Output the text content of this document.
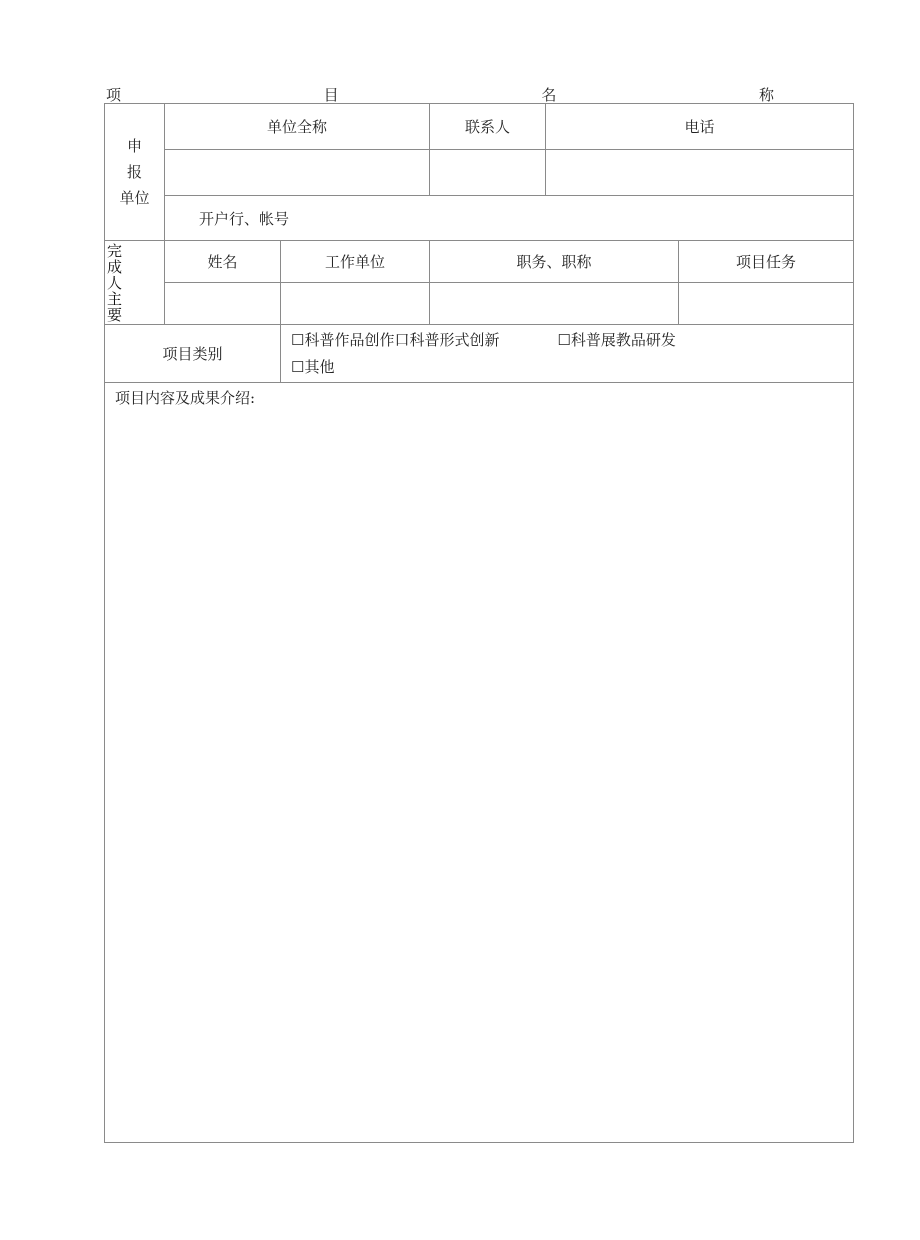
项	目	名	称
申报
单位	单位全称		联系人	电话	

	开户行、帐号				

完成人主要	姓名	工作单位	职务、职称		项目任务

项目类别		☐科普作品创作口科普形式创新 ☐科普展教品研发
☐其他			

项目内容及成果介绍:					
